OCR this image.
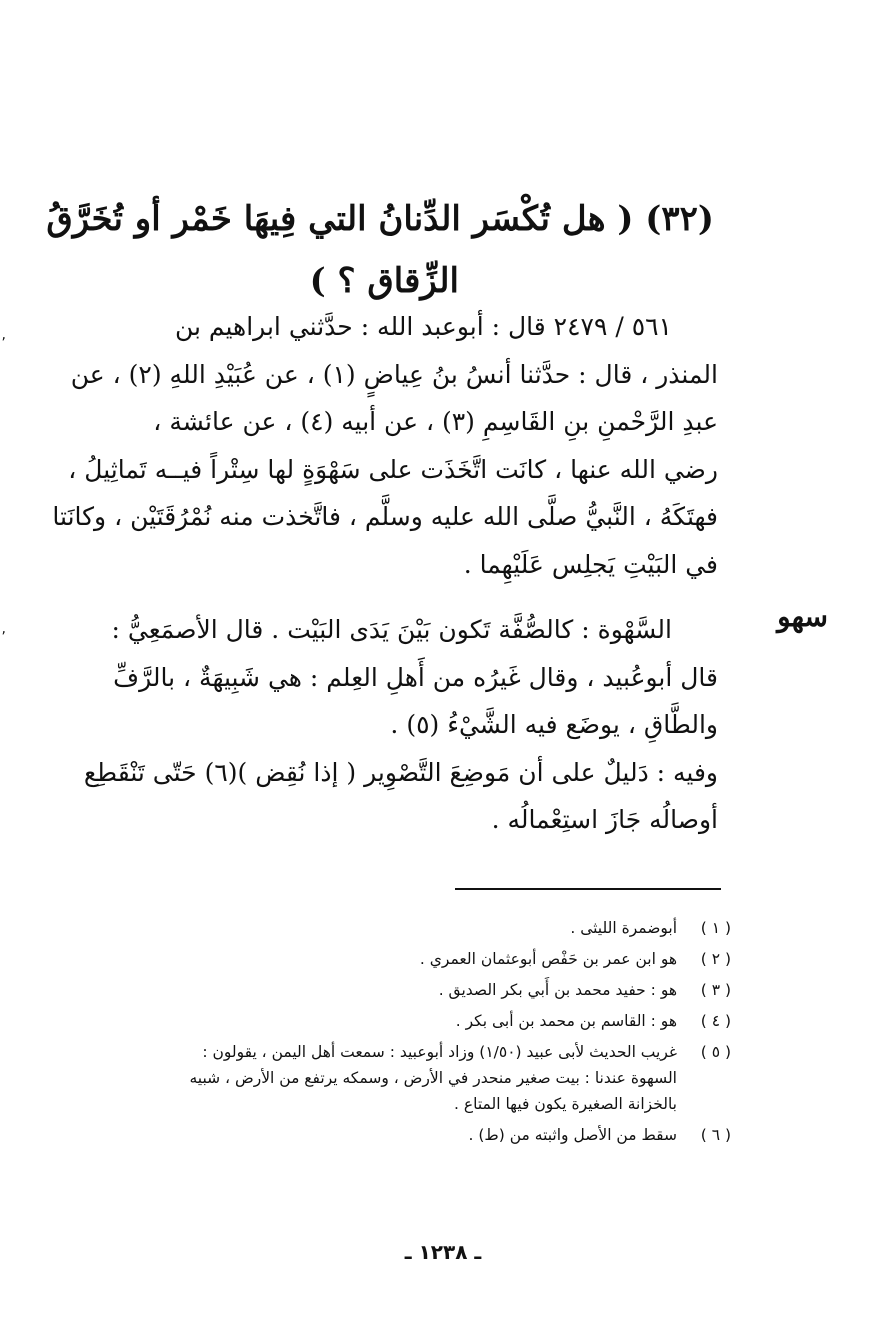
(٣٢) ( هل تُكْسَر الدِّنانُ التي فِيهَا خَمْر أو تُخَرَّقُ
الزِّقاق ؟ )
,
,	سهو
٥٦١ / ٢٤٧٩ قال : أبوعبد الله : حدَّثني ابراهيم بن
المنذر ، قال : حدَّثنا أنسُ بنُ عِياضٍ (١) ، عن عُبَيْدِ اللهِ (٢) ، عن
عبدِ الرَّحْمنِ بنِ القَاسِمِ (٣) ، عن أبيه (٤) ، عن عائشة ،
رضي الله عنها ، كانَت اتَّخَذَت على سَهْوَةٍ لها سِتْراً فيــه تَماثِيلُ ،
فهتَكَهُ ، النَّبيُّ صلَّى الله عليه وسلَّم ، فاتَّخذت منه نُمْرُقَتَيْن ، وكانَتا
في البَيْتِ يَجلِس عَلَيْهِما .
السَّهْوة : كالصُّفَّة تَكون بَيْنَ يَدَى البَيْت . قال الأصمَعِيُّ :
قال أبوعُبيد ، وقال غَيرُه من أَهلِ العِلم : هي شَبِيهَةٌ ، بالرَّفِّ
والطَّاقِ ، يوضَع فيه الشَّيْءُ (٥) .
وفيه : دَليلٌ على أن مَوضِعَ التَّصْوِير ( إذا نُقِض )(٦) حَتّى تَنْقَطِع
أوصالُه جَازَ استِعْمالُه .
( ١ )
أبوضمرة الليثى .
( ٢ )
هو ابن عمر بن حَفْص أبوعثمان العمري .
( ٣ )
هو : حفيد محمد بن أَبي بكر الصديق .
( ٤ )
هو : القاسم بن محمد بن أبى بكر .
( ٥ )
غريب الحديث لأبى عبيد (١/٥٠) وزاد أبوعبيد : سمعت أهل اليمن ، يقولون :
السهوة عندنا : بيت صغير منحدر في الأرض ، وسمكه يرتفع من الأرض ، شبيه
بالخزانة الصغيرة يكون فيها المتاع .
( ٦ )
سقط من الأصل واثبته من (ط) .
ـ ١٢٣٨ ـ
